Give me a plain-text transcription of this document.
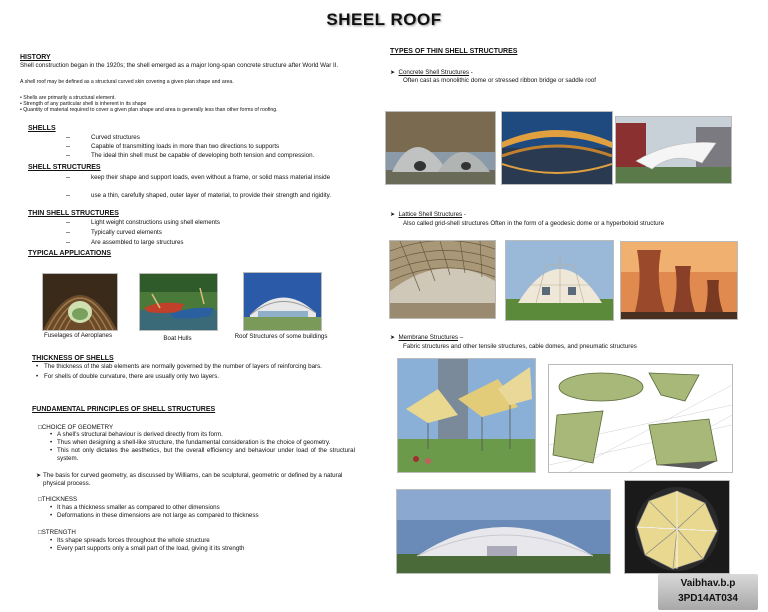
SHEEL ROOF
HISTORY
Shell construction began in the 1920s; the shell emerged as a major long-span concrete structure after World War II.
A shell roof may be defined as a structural curved skin covering a given plan shape and area.
• Shells are primarily a structural element.
• Strength of any particular shell is inherent in its shape
• Quantity of material required to cover a given plan shape and area is generally less than other forms of roofing.
SHELLS
–	Curved structures
–	Capable of transmitting loads in more than two directions to supports
–	The ideal thin shell must be capable of developing both tension and compression.
SHELL STRUCTURES
–	keep their shape and support loads, even without a frame, or solid mass material inside
–	use a thin, carefully shaped, outer layer of material, to provide their strength and rigidity.
THIN SHELL STRUCTURES
–	Light weight constructions using shell elements
–	Typically curved elements
–	Are assembled to large structures
TYPICAL APPLICATIONS
Fuselages of Aeroplanes	Boat Hulls	Roof Structures of some buildings
THICKNESS OF SHELLS
• The thickness of the slab elements are normally governed by the number of layers of reinforcing bars.
• For shells of double curvature, there are usually only two layers.
FUNDAMENTAL PRINCIPLES OF SHELL STRUCTURES
□CHOICE OF GEOMETRY
• A shell's structural behaviour is derived directly from its form.
• Thus when designing a shell-like structure, the fundamental consideration is the choice of geometry.
• This not only dictates the aesthetics, but the overall efficiency and behaviour under load of the structural system.
➤ The basis for curved geometry, as discussed by Williams, can be sculptural, geometric or defined by a natural physical process.
□THICKNESS
• It has a thickness smaller as compared to other dimensions
• Deformations in these dimensions are not large as compared to thickness
□STRENGTH
• Its shape spreads forces throughout the whole structure
• Every part supports only a small part of the load, giving it its strength
TYPES OF THIN SHELL STRUCTURES
➤ Concrete Shell Structures -
Often cast as monolithic dome or stressed ribbon bridge or saddle roof
➤ Lattice Shell Structures -
Also called grid-shell structures Often in the form of a geodesic dome or a hyperboloid structure
➤ Membrane Structures –
Fabric structures and other tensile structures, cable domes, and pneumatic structures
Vaibhav.b.p
3PD14AT034
